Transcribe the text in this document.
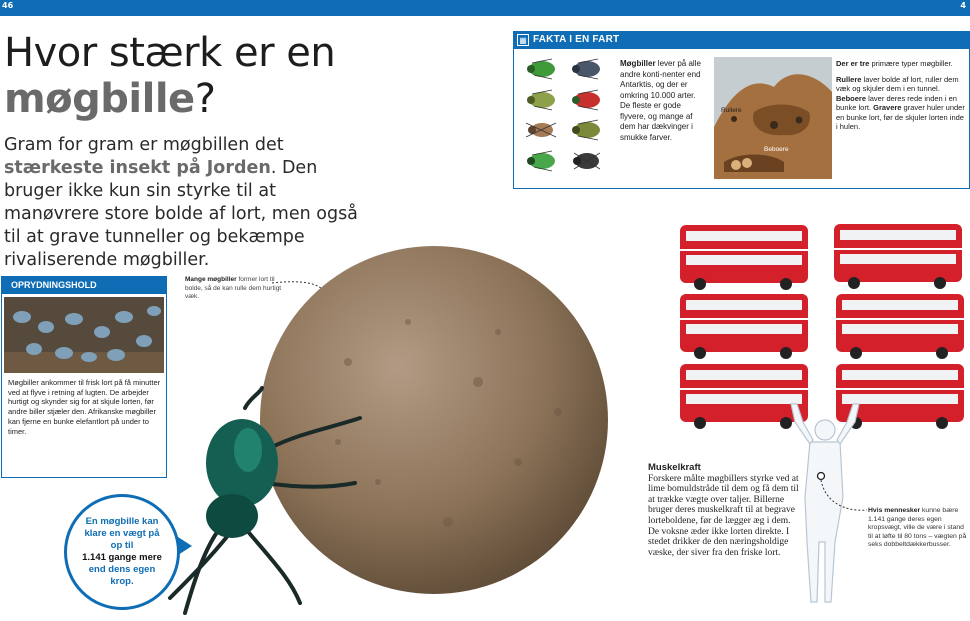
46	4
Hvor stærk er en
møgbille?

Gram for gram er møgbillen det stærkeste insekt på Jorden. Den bruger ikke kun sin styrke til at manøvrere store bolde af lort, men også til at grave tunneller og bekæmpe rivaliserende møgbiller.

▦ FAKTA I EN FART
Møgbiller lever på alle andre konti-nenter end Antarktis, og der er omkring 10.000 arter. De fleste er gode flyvere, og mange af dem har dækvinger i smukke farver.
Rullere
Beboere
Gravere

Der er tre primære typer møgbiller.

Rullere laver bolde af lort, ruller dem væk og skjuler dem i en tunnel. Beboere laver deres rede inden i en bunke lort. Gravere graver huler under en bunke lort, før de skjuler lorten inde i hulen.

OPRYDNINGSHOLD

Møgbiller ankommer til frisk lort på få minutter ved at flyve i retning af lugten. De arbejder hurtigt og skynder sig for at skjule lorten, før andre biller stjæler den. Afrikanske møgbiller kan fjerne en bunke elefantlort på under to timer.

Mange møgbiller former lort til bolde, så de kan rulle dem hurtigt væk.

En møgbille kan klare en vægt på op til
1.141 gange mere
end dens egen krop.
Muskelkraft
Forskere målte møgbillers styrke ved at lime bomuldstråde til dem og få dem til at trække vægte over taljer. Billerne bruger deres muskelkraft til at begrave lorteboldene, før de lægger æg i dem. De voksne æder ikke lorten direkte. I stedet drikker de den næringsholdige væske, der siver fra den friske lort.

Hvis mennesker kunne bære 1.141 gange deres egen kropsvægt, ville de være i stand til at løfte til 80 tons – vægten på seks dobbeltdækkerbusser.
